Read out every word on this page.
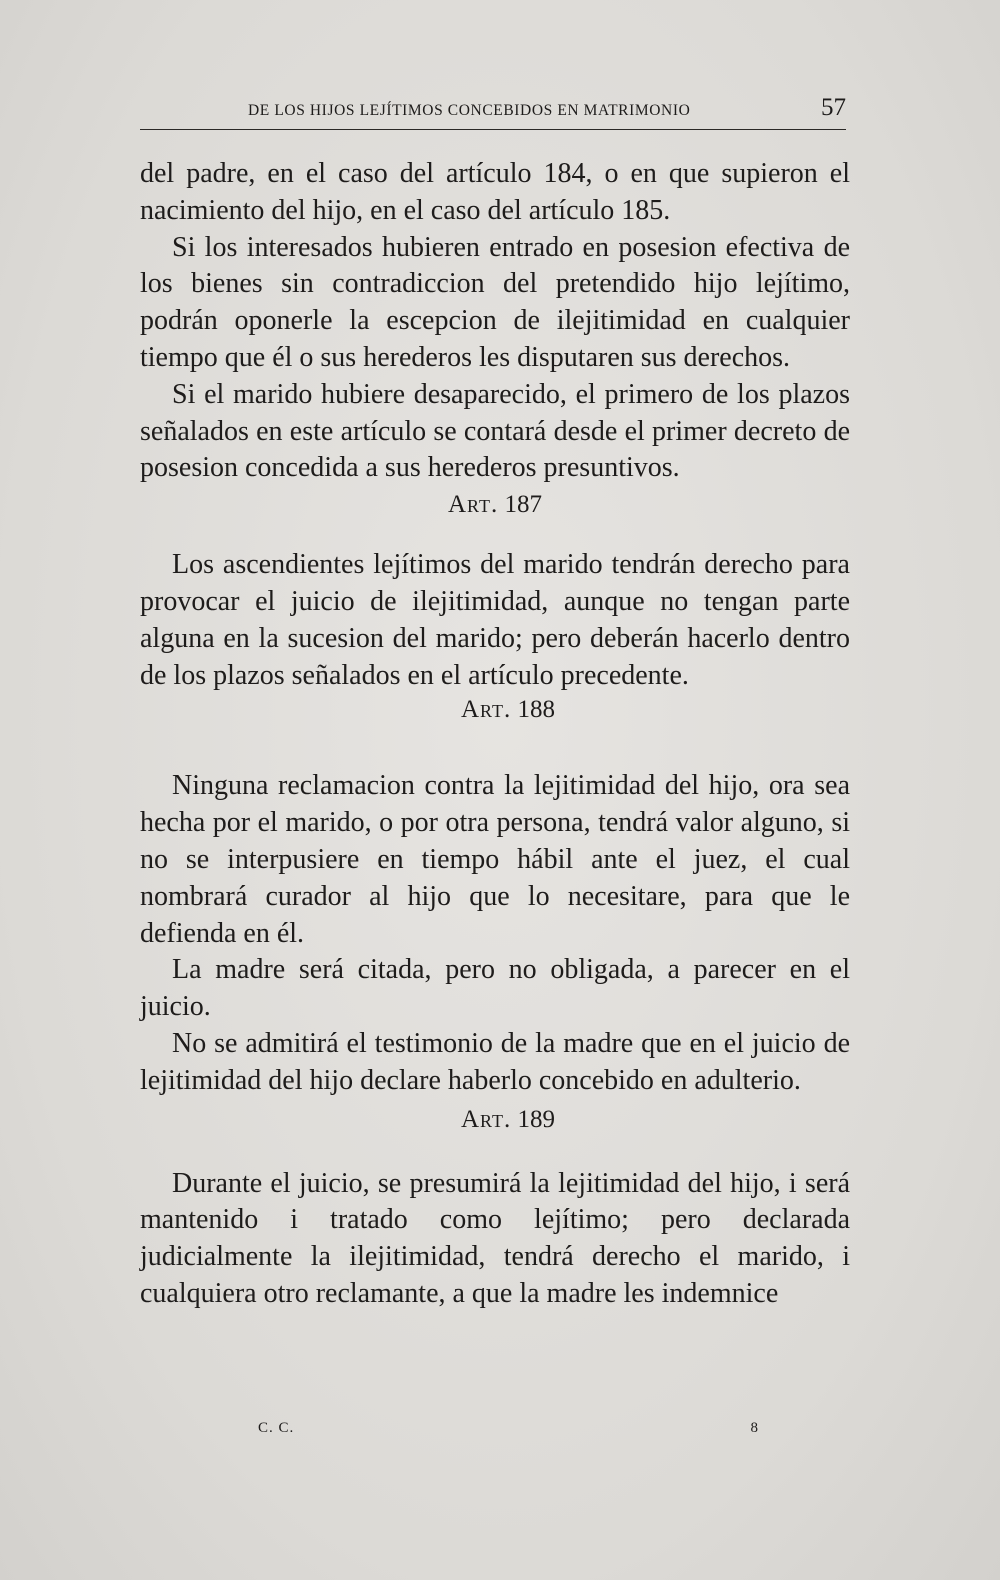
DE LOS HIJOS LEJÍTIMOS CONCEBIDOS EN MATRIMONIO	57

del padre, en el caso del artículo 184, o en que supieron el nacimiento del hijo, en el caso del artículo 185.

Si los interesados hubieren entrado en posesion efectiva de los bienes sin contradiccion del pretendido hijo lejítimo, podrán oponerle la escepcion de ilejitimidad en cualquier tiempo que él o sus herederos les disputaren sus derechos.

Si el marido hubiere desaparecido, el primero de los plazos señalados en este artículo se contará desde el primer decreto de posesion concedida a sus herederos presuntivos.

Art. 187

Los ascendientes lejítimos del marido tendrán derecho para provocar el juicio de ilejitimidad, aunque no tengan parte alguna en la sucesion del marido; pero deberán hacerlo dentro de los plazos señalados en el artículo precedente.

Art. 188

Ninguna reclamacion contra la lejitimidad del hijo, ora sea hecha por el marido, o por otra persona, tendrá valor alguno, si no se interpusiere en tiempo hábil ante el juez, el cual nombrará curador al hijo que lo necesitare, para que le defienda en él.

La madre será citada, pero no obligada, a parecer en el juicio.

No se admitirá el testimonio de la madre que en el juicio de lejitimidad del hijo declare haberlo concebido en adulterio.

Art. 189

Durante el juicio, se presumirá la lejitimidad del hijo, i será mantenido i tratado como lejítimo; pero declarada judicialmente la ilejitimidad, tendrá derecho el marido, i cualquiera otro reclamante, a que la madre les indemnice

C. C.	8
